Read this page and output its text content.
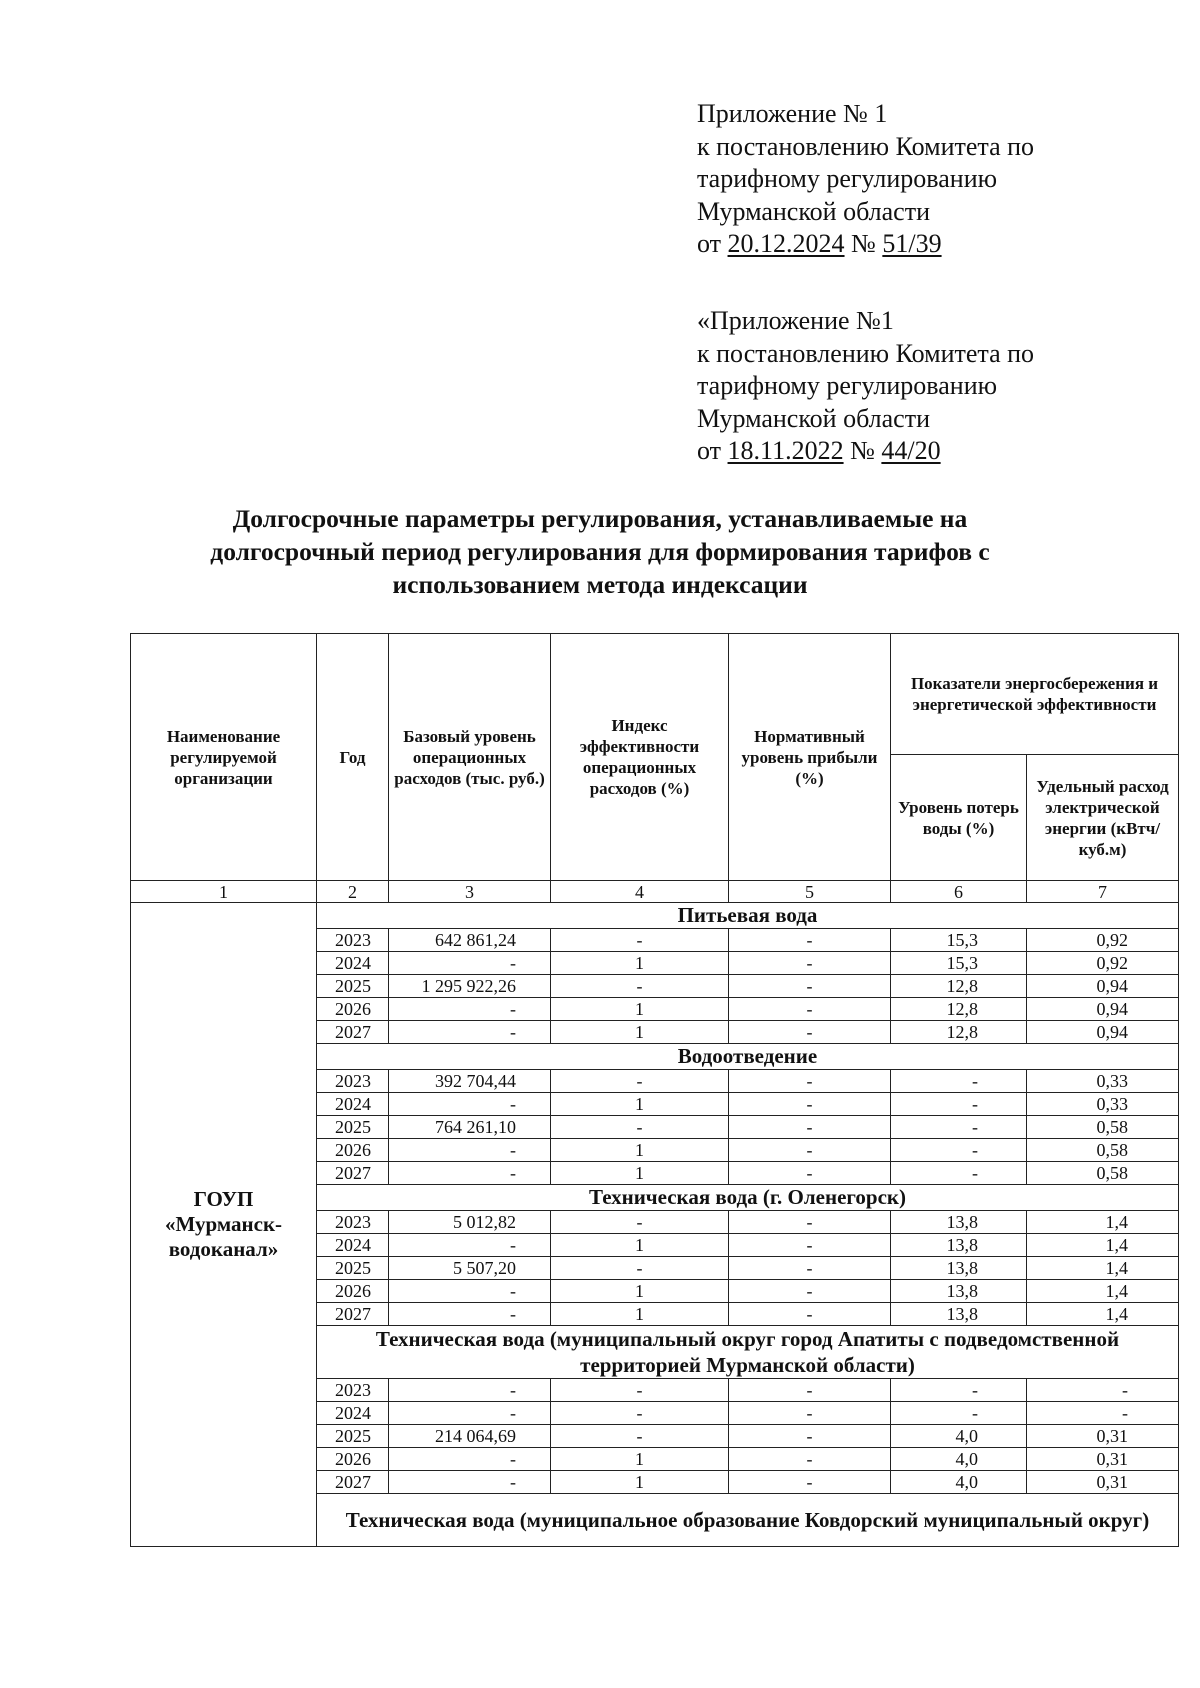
Приложение № 1
к постановлению Комитета по
тарифному регулированию
Мурманской области
от 20.12.2024 № 51/39
«Приложение №1
к постановлению Комитета по
тарифному регулированию
Мурманской области
от 18.11.2022 № 44/20
Долгосрочные параметры регулирования, устанавливаемые на
долгосрочный период регулирования для формирования тарифов с
использованием метода индексации
Наименование регулируемой организации	Год	Базовый уровень операционных расходов (тыс. руб.)	Индекс эффективности операционных расходов (%)	Нормативный уровень прибыли (%)	Показатели энергосбережения и энергетической эффективности	
					Уровень потерь воды (%)	Удельный расход электрической энергии (кВтч/куб.м)
1	2	3	4	5	6	7
ГОУП «Мурманск-водоканал»	Питьевая вода					
	2023	642 861,24	-	-	15,3	0,92
	2024	-	1	-	15,3	0,92
	2025	1 295 922,26	-	-	12,8	0,94
	2026	-	1	-	12,8	0,94
	2027	-	1	-	12,8	0,94
	Водоотведение					
	2023	392 704,44	-	-	-	0,33
	2024	-	1	-	-	0,33
	2025	764 261,10	-	-	-	0,58
	2026	-	1	-	-	0,58
	2027	-	1	-	-	0,58
	Техническая вода (г. Оленегорск)					
	2023	5 012,82	-	-	13,8	1,4
	2024	-	1	-	13,8	1,4
	2025	5 507,20	-	-	13,8	1,4
	2026	-	1	-	13,8	1,4
	2027	-	1	-	13,8	1,4
	Техническая вода (муниципальный округ город Апатиты с подведомственной территорией Мурманской области)					
	2023	-	-	-	-	-
	2024	-	-	-	-	-
	2025	214 064,69	-	-	4,0	0,31
	2026	-	1	-	4,0	0,31
	2027	-	1	-	4,0	0,31
	Техническая вода (муниципальное образование Ковдорский муниципальный округ)					
